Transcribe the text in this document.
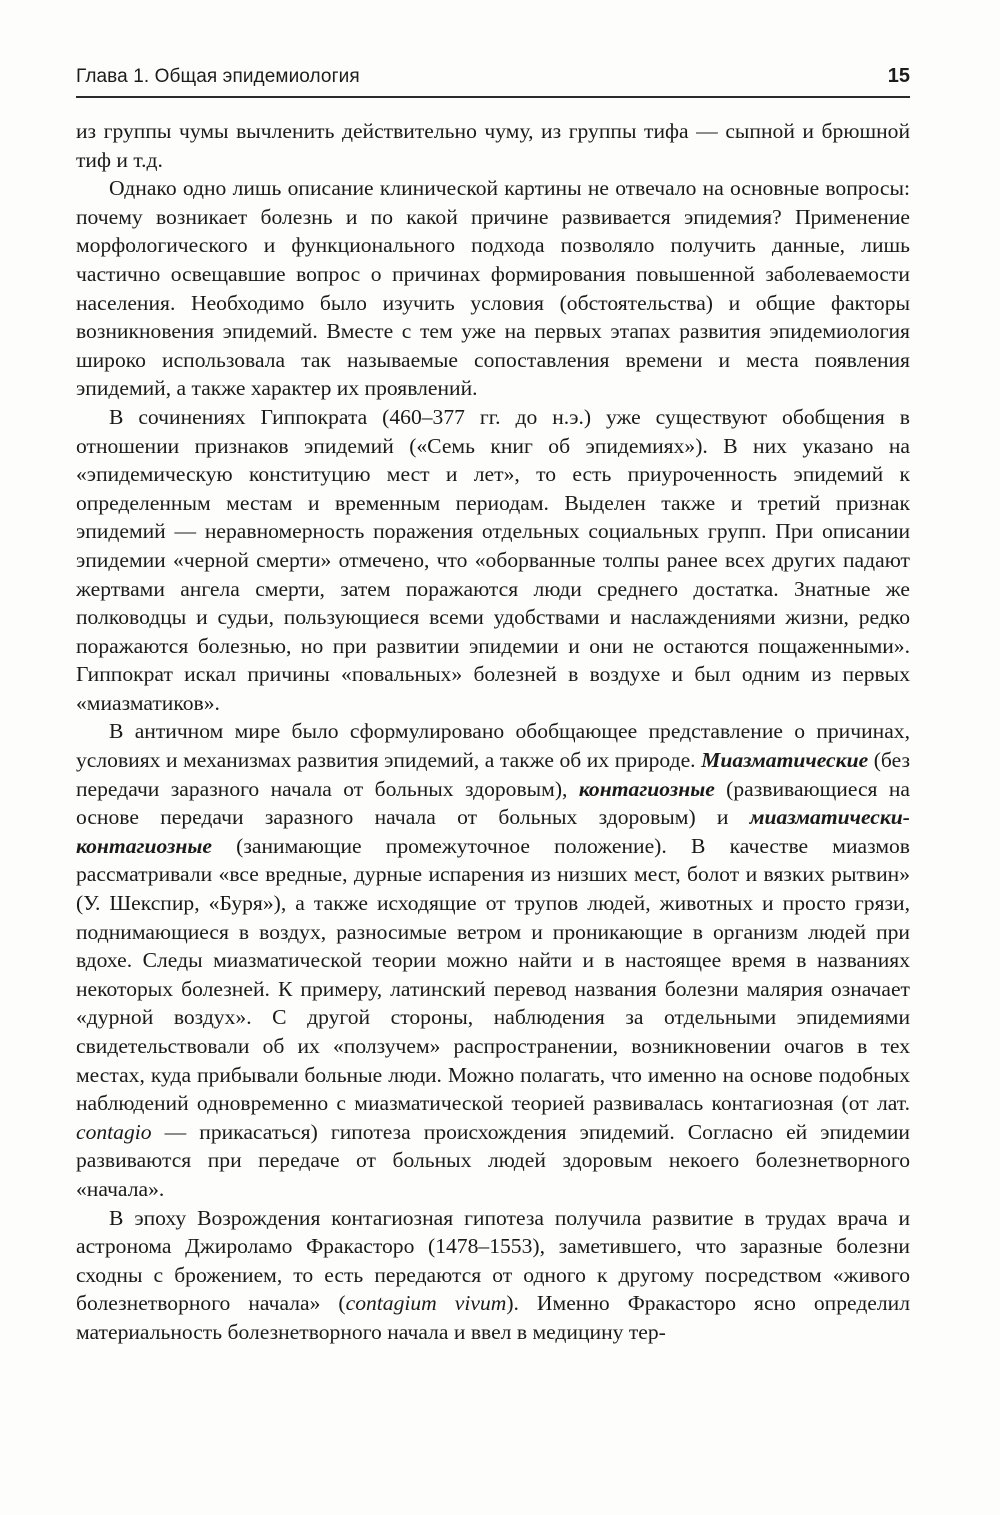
Глава 1. Общая эпидемиология	15

из группы чумы вычленить действительно чуму, из группы тифа — сыпной и брюшной тиф и т.д.

Однако одно лишь описание клинической картины не отвечало на основные вопросы: почему возникает болезнь и по какой причине развивается эпидемия? Применение морфологического и функционального подхода позволяло получить данные, лишь частично освещавшие вопрос о причинах формирования повышенной заболеваемости населения. Необходимо было изучить условия (обстоятельства) и общие факторы возникновения эпидемий. Вместе с тем уже на первых этапах развития эпидемиология широко использовала так называемые сопоставления времени и места появления эпидемий, а также характер их проявлений.

В сочинениях Гиппократа (460–377 гг. до н.э.) уже существуют обобщения в отношении признаков эпидемий («Семь книг об эпидемиях»). В них указано на «эпидемическую конституцию мест и лет», то есть приуроченность эпидемий к определенным местам и временным периодам. Выделен также и третий признак эпидемий — неравномерность поражения отдельных социальных групп. При описании эпидемии «черной смерти» отмечено, что «оборванные толпы ранее всех других падают жертвами ангела смерти, затем поражаются люди среднего достатка. Знатные же полководцы и судьи, пользующиеся всеми удобствами и наслаждениями жизни, редко поражаются болезнью, но при развитии эпидемии и они не остаются пощаженными». Гиппократ искал причины «повальных» болезней в воздухе и был одним из первых «миазматиков».

В античном мире было сформулировано обобщающее представление о причинах, условиях и механизмах развития эпидемий, а также об их природе. Миазматические (без передачи заразного начала от больных здоровым), контагиозные (развивающиеся на основе передачи заразного начала от больных здоровым) и миазматически-контагиозные (занимающие промежуточное положение). В качестве миазмов рассматривали «все вредные, дурные испарения из низших мест, болот и вязких рытвин» (У. Шекспир, «Буря»), а также исходящие от трупов людей, животных и просто грязи, поднимающиеся в воздух, разносимые ветром и проникающие в организм людей при вдохе. Следы миазматической теории можно найти и в настоящее время в названиях некоторых болезней. К примеру, латинский перевод названия болезни малярия означает «дурной воздух». С другой стороны, наблюдения за отдельными эпидемиями свидетельствовали об их «ползучем» распространении, возникновении очагов в тех местах, куда прибывали больные люди. Можно полагать, что именно на основе подобных наблюдений одновременно с миазматической теорией развивалась контагиозная (от лат. contagio — прикасаться) гипотеза происхождения эпидемий. Согласно ей эпидемии развиваются при передаче от больных людей здоровым некоего болезнетворного «начала».

В эпоху Возрождения контагиозная гипотеза получила развитие в трудах врача и астронома Джироламо Фракасторо (1478–1553), заметившего, что заразные болезни сходны с брожением, то есть передаются от одного к другому посредством «живого болезнетворного начала» (contagium vivum). Именно Фракасторо ясно определил материальность болезнетворного начала и ввел в медицину тер-
